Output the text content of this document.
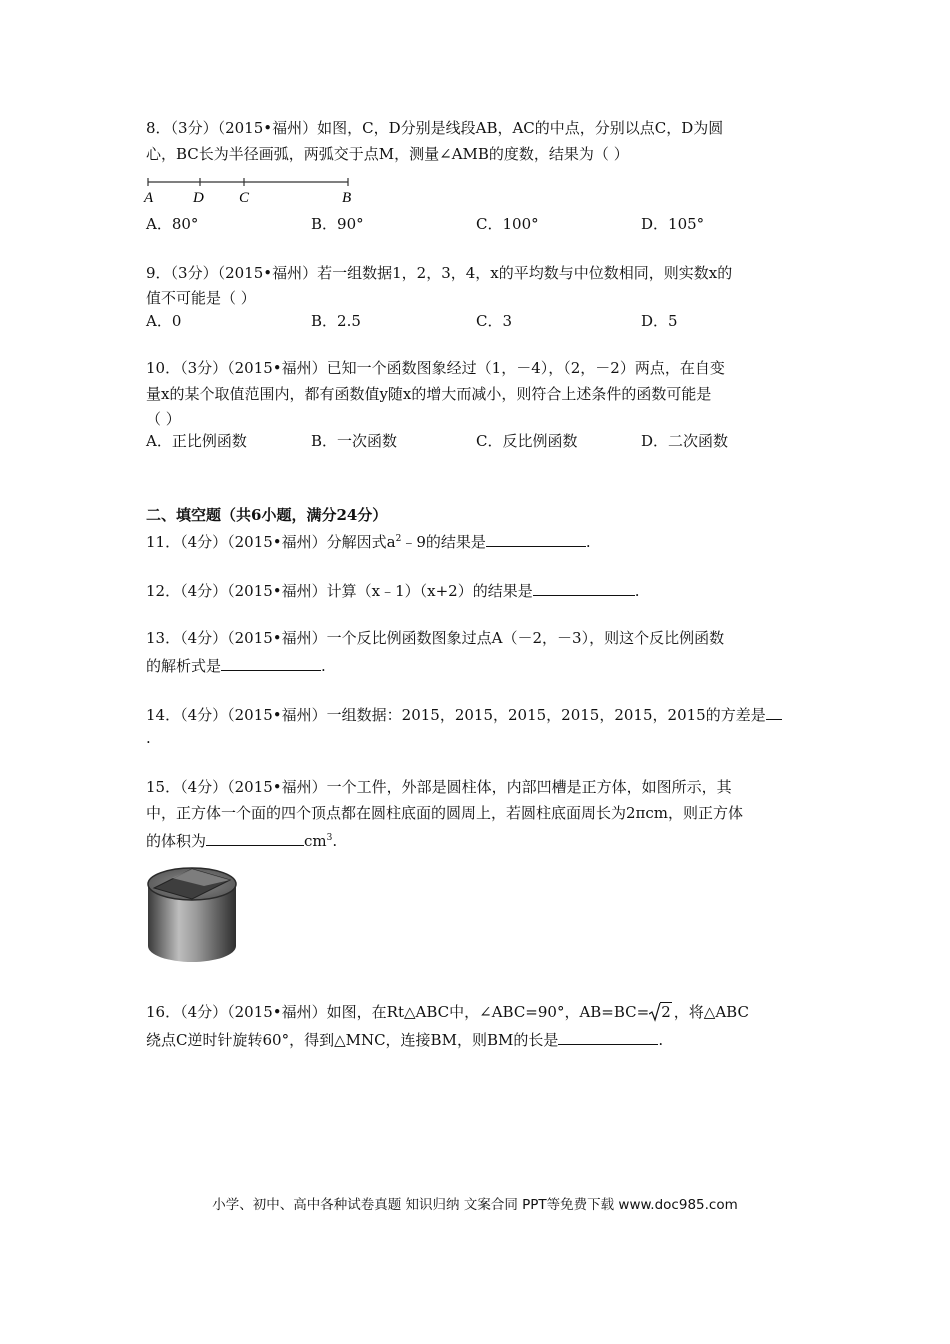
8．（3分）（2015•福州）如图，C，D分别是线段AB，AC的中点，分别以点C，D为圆
心，BC长为半径画弧，两弧交于点M，测量∠AMB的度数，结果为（ ）
A	D C	B
A．80°	B．90°	C．100°	D．105°
9．（3分）（2015•福州）若一组数据1，2，3，4，x的平均数与中位数相同，则实数x的
值不可能是（ ）
A．0	B．2.5	C．3	D．5
10．（3分）（2015•福州）已知一个函数图象经过（1，－4），（2，－2）两点，在自变
量x的某个取值范围内，都有函数值y随x的增大而减小，则符合上述条件的函数可能是
（ ）
A．正比例函数	B．一次函数	C．反比例函数	D．二次函数
二、填空题（共6小题，满分24分）
11．（4分）（2015•福州）分解因式$a^2﹣9$的结果是	.
12．（4分）（2015•福州）计算（x﹣1）（x+2）的结果是	.
13．（4分）（2015•福州）一个反比例函数图象过点A（－2，－3），则这个反比例函数
的解析式是	.
14．（4分）（2015•福州）一组数据：2015，2015，2015，2015，2015，2015的方差是
.
15．（4分）（2015•福州）一个工件，外部是圆柱体，内部凹槽是正方体，如图所示，其
中，正方体一个面的四个顶点都在圆柱底面的圆周上，若圆柱底面周长为2πcm，则正方体
的体积为	$cm^3$.
16．（4分）（2015•福州）如图，在Rt△ABC中，∠ABC=90°，AB=BC= 2 ，将△ABC
绕点C逆时针旋转60°，得到△MNC，连接BM，则BM的长是	.
小学、初中、高中各种试卷真题 知识归纳 文案合同 PPT等免费下载 www.doc985.com
